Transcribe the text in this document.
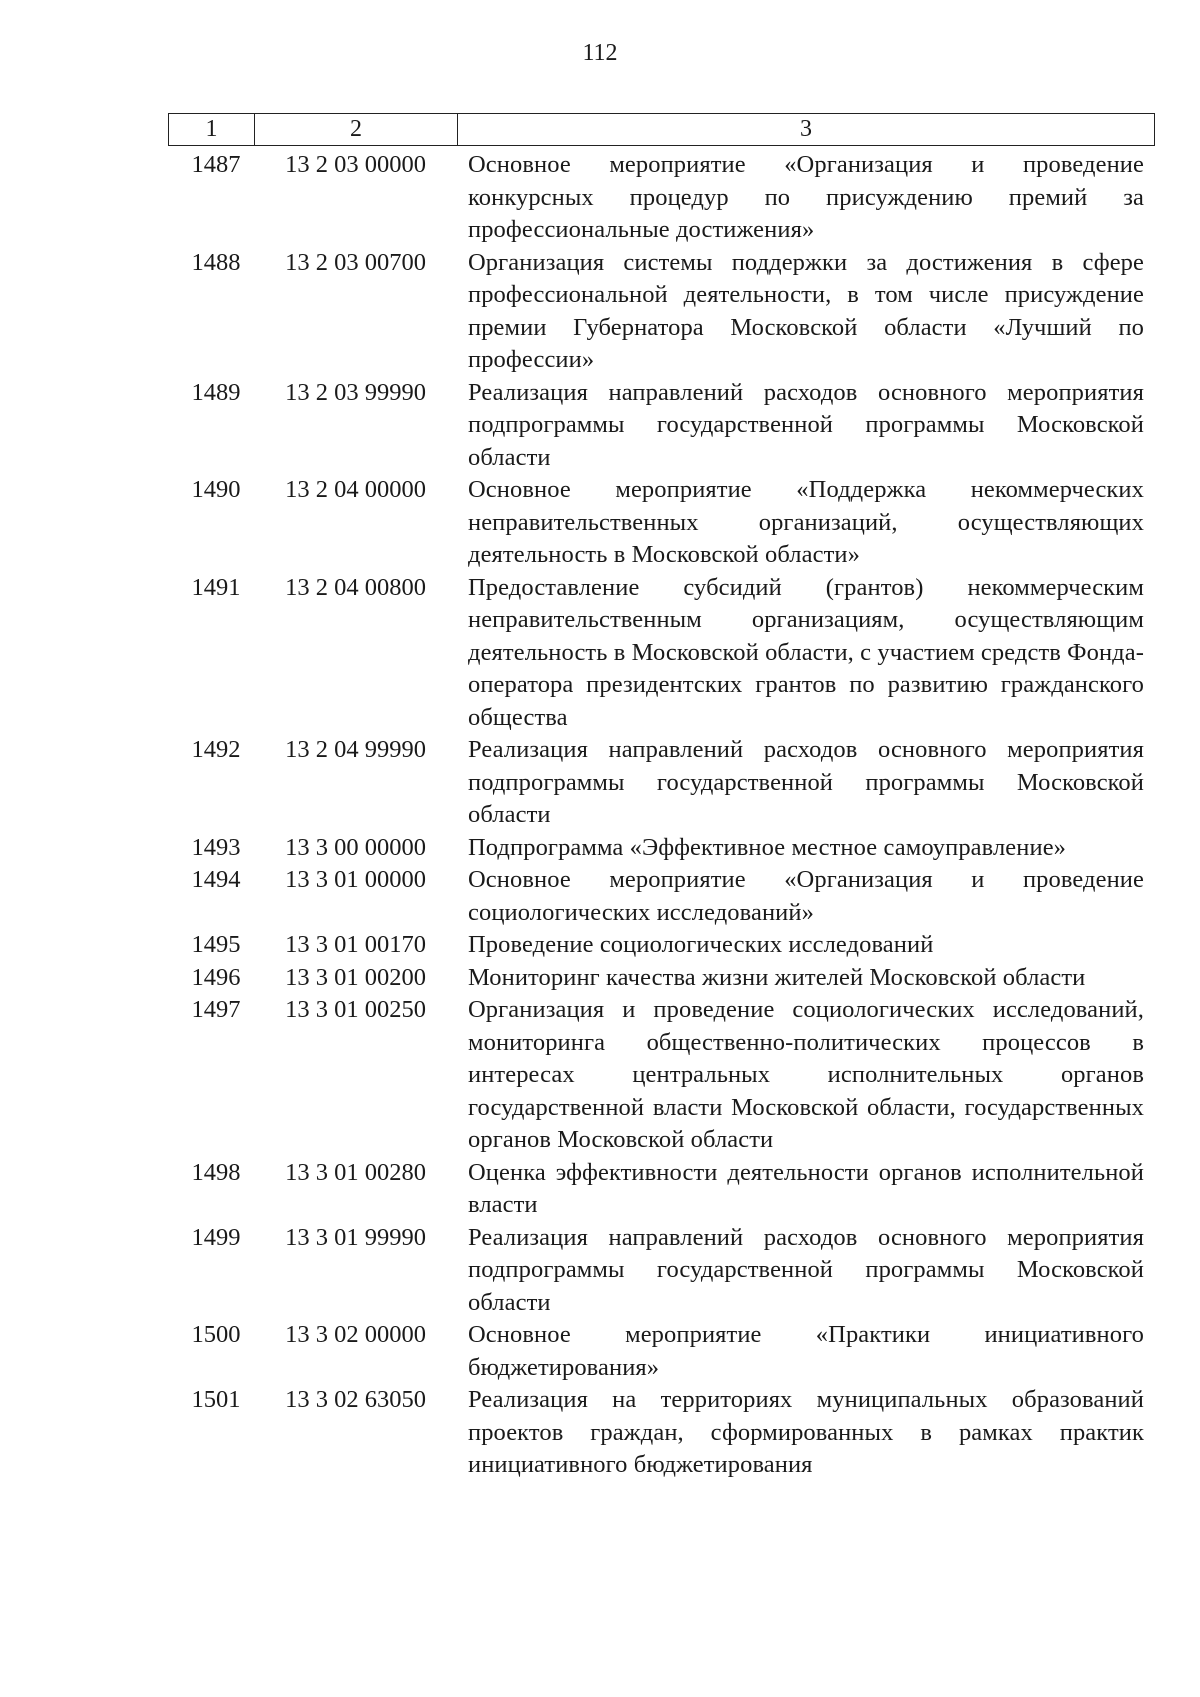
112
1	2	3
1487	13 2 03 00000	Основное мероприятие «Организация и проведение конкурсных процедур по присуждению премий за профессиональные достижения»
1488	13 2 03 00700	Организация системы поддержки за достижения в сфере профессиональной деятельности, в том числе присуждение премии Губернатора Московской области «Лучший по профессии»
1489	13 2 03 99990	Реализация направлений расходов основного мероприятия подпрограммы государственной программы Московской области
1490	13 2 04 00000	Основное мероприятие «Поддержка некоммерческих неправительственных организаций, осуществляющих деятельность в Московской области»
1491	13 2 04 00800	Предоставление субсидий (грантов) некоммерческим неправительственным организациям, осуществляющим деятельность в Московской области, с участием средств Фонда-оператора президентских грантов по развитию гражданского общества
1492	13 2 04 99990	Реализация направлений расходов основного мероприятия подпрограммы государственной программы Московской области
1493	13 3 00 00000	Подпрограмма «Эффективное местное самоуправление»
1494	13 3 01 00000	Основное мероприятие «Организация и проведение социологических исследований»
1495	13 3 01 00170	Проведение социологических исследований
1496	13 3 01 00200	Мониторинг качества жизни жителей Московской области
1497	13 3 01 00250	Организация и проведение социологических исследований, мониторинга общественно-политических процессов в интересах центральных исполнительных органов государственной власти Московской области, государственных органов Московской области
1498	13 3 01 00280	Оценка эффективности деятельности органов исполнительной власти
1499	13 3 01 99990	Реализация направлений расходов основного мероприятия подпрограммы государственной программы Московской области
1500	13 3 02 00000	Основное мероприятие «Практики инициативного бюджетирования»
1501	13 3 02 63050	Реализация на территориях муниципальных образований проектов граждан, сформированных в рамках практик инициативного бюджетирования
